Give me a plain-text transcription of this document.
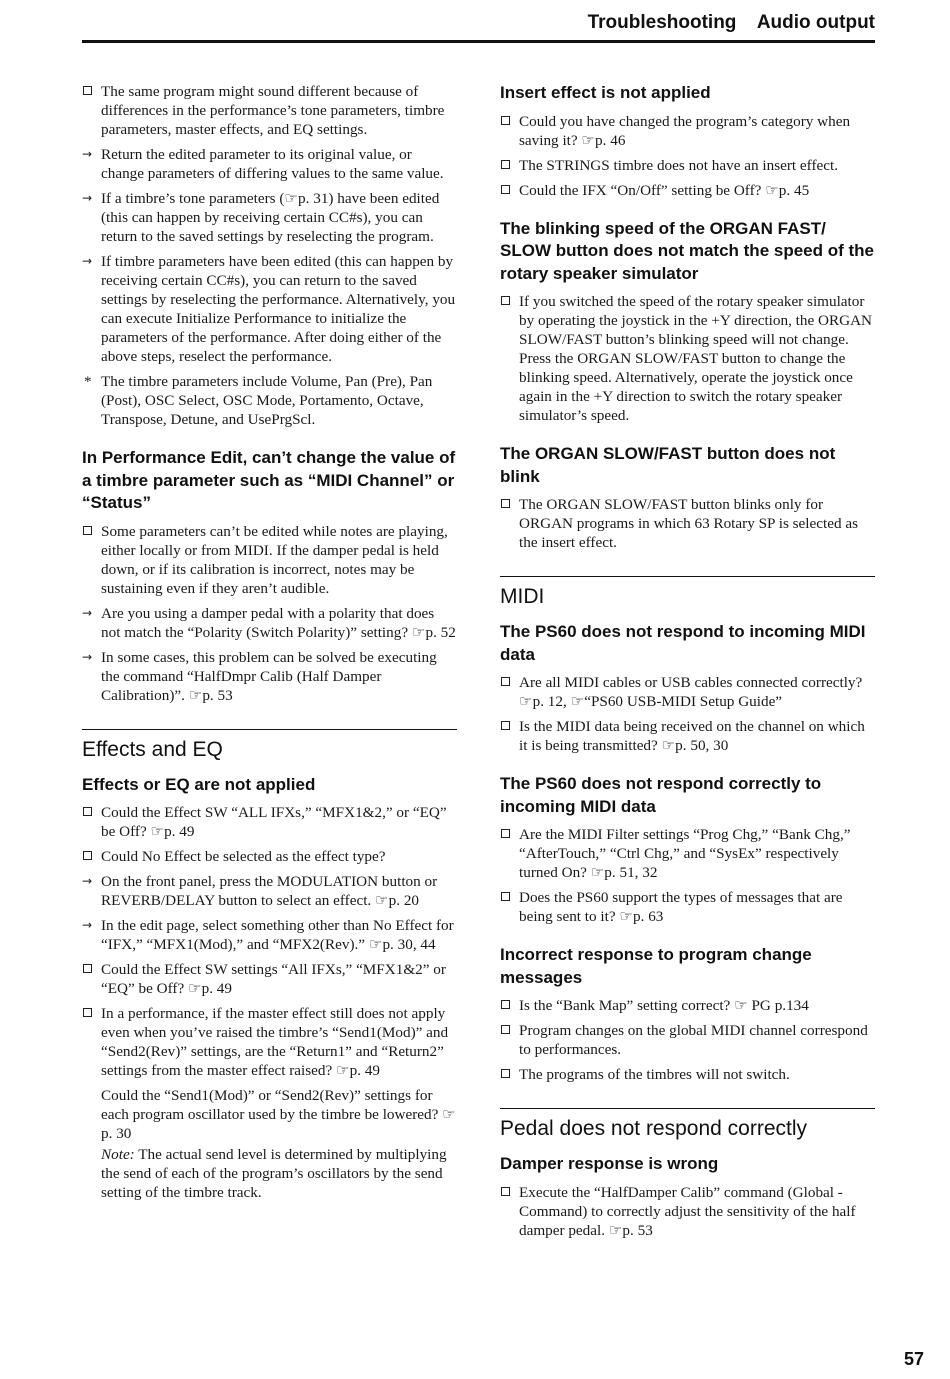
Troubleshooting    Audio output
The same program might sound different because of differences in the performance’s tone parameters, timbre parameters, master effects, and EQ settings.
→ Return the edited parameter to its original value, or change parameters of differing values to the same value.
→ If a timbre’s tone parameters (☞p. 31) have been edited (this can happen by receiving certain CC#s), you can return to the saved settings by reselecting the program.
→ If timbre parameters have been edited (this can happen by receiving certain CC#s), you can return to the saved settings by reselecting the performance. Alternatively, you can execute Initialize Performance to initialize the parameters of the performance. After doing either of the above steps, reselect the performance.
* The timbre parameters include Volume, Pan (Pre), Pan (Post), OSC Select, OSC Mode, Portamento, Octave, Transpose, Detune, and UsePrgScl.
In Performance Edit, can’t change the value of a timbre parameter such as “MIDI Channel” or “Status”
Some parameters can’t be edited while notes are playing, either locally or from MIDI. If the damper pedal is held down, or if its calibration is incorrect, notes may be sustaining even if they aren’t audible.
→ Are you using a damper pedal with a polarity that does not match the “Polarity (Switch Polarity)” setting? ☞p. 52
→ In some cases, this problem can be solved be executing the command “HalfDmpr Calib (Half Damper Calibration)”. ☞p. 53
Effects and EQ
Effects or EQ are not applied
Could the Effect SW “ALL IFXs,” “MFX1&2,” or “EQ” be Off? ☞p. 49
Could No Effect be selected as the effect type?
→ On the front panel, press the MODULATION button or REVERB/DELAY button to select an effect. ☞p. 20
→ In the edit page, select something other than No Effect for “IFX,” “MFX1(Mod),” and “MFX2(Rev).” ☞p. 30, 44
Could the Effect SW settings “All IFXs,” “MFX1&2” or “EQ” be Off? ☞p. 49
In a performance, if the master effect still does not apply even when you’ve raised the timbre’s “Send1(Mod)” and “Send2(Rev)” settings, are the “Return1” and “Return2” settings from the master effect raised? ☞p. 49
Could the “Send1(Mod)” or “Send2(Rev)” settings for each program oscillator used by the timbre be lowered? ☞p. 30
Note: The actual send level is determined by multiplying the send of each of the program’s oscillators by the send setting of the timbre track.
Insert effect is not applied
Could you have changed the program’s category when saving it? ☞p. 46
The STRINGS timbre does not have an insert effect.
Could the IFX “On/Off” setting be Off? ☞p. 45
The blinking speed of the ORGAN FAST/ SLOW button does not match the speed of the rotary speaker simulator
If you switched the speed of the rotary speaker simulator by operating the joystick in the +Y direction, the ORGAN SLOW/FAST button’s blinking speed will not change. Press the ORGAN SLOW/FAST button to change the blinking speed. Alternatively, operate the joystick once again in the +Y direction to switch the rotary speaker simulator’s speed.
The ORGAN SLOW/FAST button does not blink
The ORGAN SLOW/FAST button blinks only for ORGAN programs in which 63 Rotary SP is selected as the insert effect.
MIDI
The PS60 does not respond to incoming MIDI data
Are all MIDI cables or USB cables connected correctly? ☞p. 12, ☞“PS60 USB-MIDI Setup Guide”
Is the MIDI data being received on the channel on which it is being transmitted? ☞p. 50, 30
The PS60 does not respond correctly to incoming MIDI data
Are the MIDI Filter settings “Prog Chg,” “Bank Chg,” “AfterTouch,” “Ctrl Chg,” and “SysEx” respectively turned On? ☞p. 51, 32
Does the PS60 support the types of messages that are being sent to it? ☞p. 63
Incorrect response to program change messages
Is the “Bank Map” setting correct? ☞ PG p.134
Program changes on the global MIDI channel correspond to performances.
The programs of the timbres will not switch.
Pedal does not respond correctly
Damper response is wrong
Execute the “HalfDamper Calib” command (Global - Command) to correctly adjust the sensitivity of the half damper pedal. ☞p. 53
57
